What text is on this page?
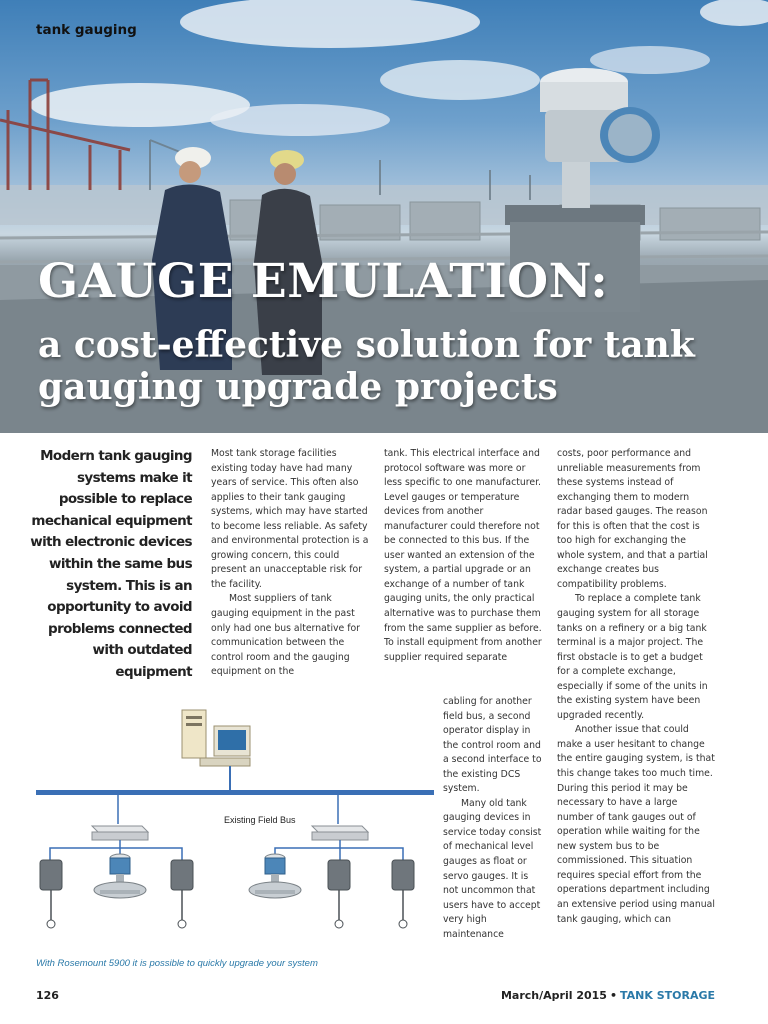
tank gauging

GAUGE EMULATION:
a cost-effective solution for tank gauging upgrade projects

Modern tank gauging systems make it possible to replace mechanical equipment with electronic devices within the same bus system. This is an opportunity to avoid problems connected with outdated equipment

Most tank storage facilities existing today have had many years of service. This often also applies to their tank gauging systems, which may have started to become less reliable. As safety and environmental protection is a growing concern, this could present an unacceptable risk for the facility.

Most suppliers of tank gauging equipment in the past only had one bus alternative for communication between the control room and the gauging equipment on the

tank. This electrical interface and protocol software was more or less specific to one manufacturer. Level gauges or temperature devices from another manufacturer could therefore not be connected to this bus. If the user wanted an extension of the system, a partial upgrade or an exchange of a number of tank gauging units, the only practical alternative was to purchase them from the same supplier as before. To install equipment from another supplier required separate

cabling for another field bus, a second operator display in the control room and a second interface to the existing DCS system.

Many old tank gauging devices in service today consist of mechanical level gauges as float or servo gauges. It is not uncommon that users have to accept very high maintenance

costs, poor performance and unreliable measurements from these systems instead of exchanging them to modern radar based gauges. The reason for this is often that the cost is too high for exchanging the whole system, and that a partial exchange creates bus compatibility problems.

To replace a complete tank gauging system for all storage tanks on a refinery or a big tank terminal is a major project. The first obstacle is to get a budget for a complete exchange, especially if some of the units in the existing system have been upgraded recently.

Another issue that could make a user hesitant to change the entire gauging system, is that this change takes too much time.

During this period it may be necessary to have a large number of tank gauges out of operation while waiting for the new system bus to be commissioned. This situation requires special effort from the operations department including an extensive period using manual tank gauging, which can

Existing Field Bus

With Rosemount 5900 it is possible to quickly upgrade your system

126	March/April 2015 • TANK STORAGE
